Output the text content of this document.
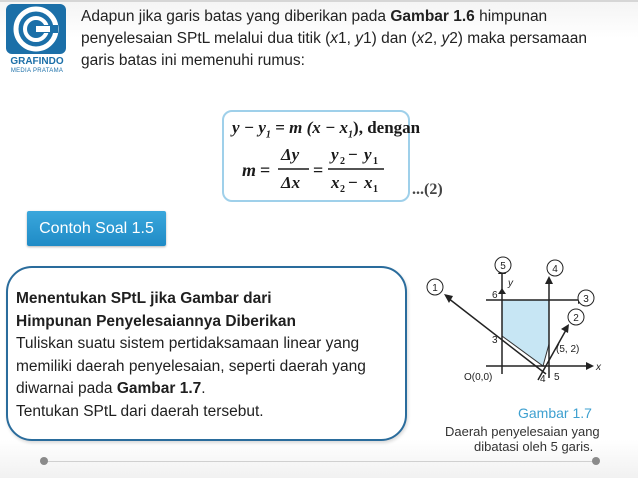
GRAFINDO
MEDIA PRATAMA
Adapun jika garis batas yang diberikan pada Gambar 1.6 himpunan penyelesaian SPtL melalui dua titik (x1, y1) dan (x2, y2) maka persamaan garis batas ini memenuhi rumus:
$y - y_1 = m$ $(x - x_1)$, dengan
m =
Δy
Δx
=
y 2 − y 1
x 2 − x 1 ...(2)
Contoh Soal 1.5
Menentukan SPtL jika Gambar dari
Himpunan Penyelesaiannya Diberikan
Tuliskan suatu sistem pertidaksamaan linear yang memiliki daerah penyelesaian, seperti daerah yang diwarnai pada Gambar 1.7.
Tentukan SPtL dari daerah tersebut.
1
2
3
4
5
y
x
6
3
4 5
(5, 2)
O(0,0)
Gambar 1.7
Daerah penyelesaian yang
dibatasi oleh 5 garis.
